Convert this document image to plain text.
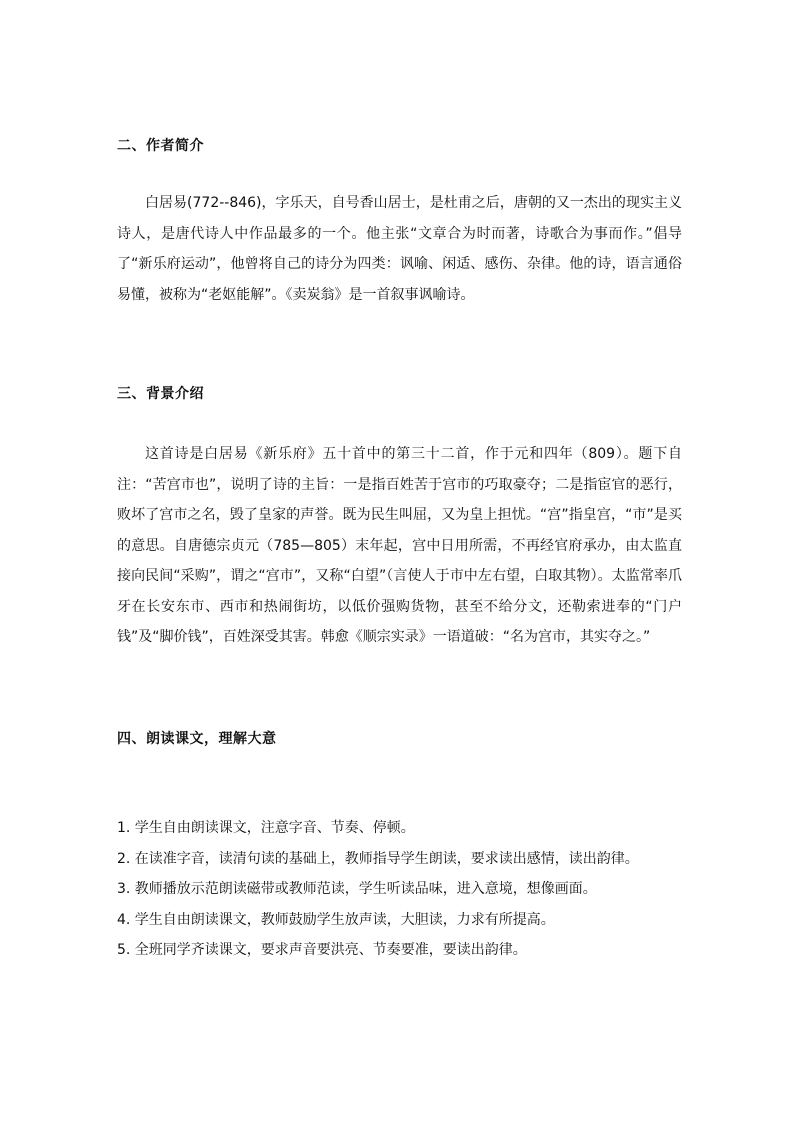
二、作者简介

白居易(772--846)，字乐天，自号香山居士，是杜甫之后，唐朝的又一杰出的现实主义诗人，是唐代诗人中作品最多的一个。他主张“文章合为时而著，诗歌合为事而作。”倡导了“新乐府运动”，他曾将自己的诗分为四类：讽喻、闲适、感伤、杂律。他的诗，语言通俗易懂，被称为“老妪能解”。《卖炭翁》是一首叙事讽喻诗。

三、背景介绍

这首诗是白居易《新乐府》五十首中的第三十二首，作于元和四年（809）。题下自注：“苦宫市也”，说明了诗的主旨：一是指百姓苦于宫市的巧取豪夺；二是指宦官的恶行，败坏了宫市之名，毁了皇家的声誉。既为民生叫屈，又为皇上担忧。“宫”指皇宫，“市”是买的意思。自唐德宗贞元（785—805）末年起，宫中日用所需，不再经官府承办，由太监直接向民间“采购”，谓之“宫市”，又称“白望”（言使人于市中左右望，白取其物）。太监常率爪牙在长安东市、西市和热闹街坊，以低价强购货物，甚至不给分文，还勒索进奉的“门户钱”及“脚价钱”，百姓深受其害。韩愈《顺宗实录》一语道破：“名为宫市，其实夺之。”

四、朗读课文，理解大意
1. 学生自由朗读课文，注意字音、节奏、停顿。
2. 在读准字音，读清句读的基础上，教师指导学生朗读，要求读出感情，读出韵律。
3. 教师播放示范朗读磁带或教师范读，学生听读品味，进入意境，想像画面。
4. 学生自由朗读课文，教师鼓励学生放声读，大胆读，力求有所提高。
5. 全班同学齐读课文，要求声音要洪亮、节奏要准，要读出韵律。
